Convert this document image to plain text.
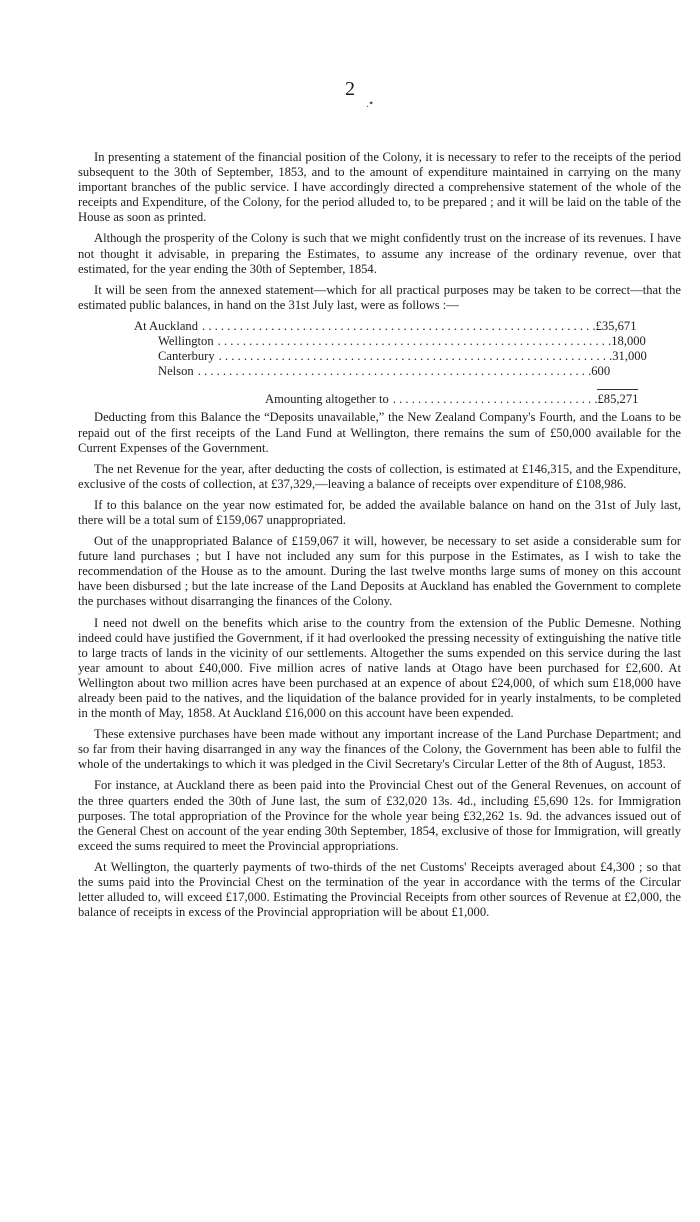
2
.•

In presenting a statement of the financial position of the Colony, it is necessary to refer to the receipts of the period subsequent to the 30th of September, 1853, and to the amount of expenditure maintained in carrying on the many important branches of the public service. I have accordingly directed a comprehensive statement of the whole of the receipts and Expenditure, of the Colony, for the period alluded to, to be prepared ; and it will be laid on the table of the House as soon as printed.

Although the prosperity of the Colony is such that we might confidently trust on the increase of its revenues. I have not thought it advisable, in preparing the Estimates, to assume any increase of the ordinary revenue, over that estimated, for the year ending the 30th of September, 1854.

It will be seen from the annexed statement—which for all practical purposes may be taken to be correct—that the estimated public balances, in hand on the 31st July last, were as follows :—

At Auckland . . . . . . . . . . . . . . . . . . . . . . . . . . . . . . . . . . . . . . . . . . . . . . . . . . . . . . . . . . . . . . . £35,671
Wellington . . . . . . . . . . . . . . . . . . . . . . . . . . . . . . . . . . . . . . . . . . . . . . . . . . . . . . . . . . . . . . . 18,000
Canterbury . . . . . . . . . . . . . . . . . . . . . . . . . . . . . . . . . . . . . . . . . . . . . . . . . . . . . . . . . . . . . . . 31,000
Nelson . . . . . . . . . . . . . . . . . . . . . . . . . . . . . . . . . . . . . . . . . . . . . . . . . . . . . . . . . . . . . . . 600
Amounting altogether to . . . . . . . . . . . . . . . . . . . . . . . . . . . . . . . . . £85,271

Deducting from this Balance the “Deposits unavailable,” the New Zealand Company's Fourth, and the Loans to be repaid out of the first receipts of the Land Fund at Wellington, there remains the sum of £50,000 available for the Current Expenses of the Government.

The net Revenue for the year, after deducting the costs of collection, is estimated at £146,315, and the Expenditure, exclusive of the costs of collection, at £37,329,—leaving a balance of receipts over expenditure of £108,986.

If to this balance on the year now estimated for, be added the available balance on hand on the 31st of July last, there will be a total sum of £159,067 unappropriated.

Out of the unappropriated Balance of £159,067 it will, however, be necessary to set aside a considerable sum for future land purchases ; but I have not included any sum for this purpose in the Estimates, as I wish to take the recommendation of the House as to the amount. During the last twelve months large sums of money on this account have been disbursed ; but the late increase of the Land Deposits at Auckland has enabled the Government to complete the purchases without disarranging the finances of the Colony.

I need not dwell on the benefits which arise to the country from the extension of the Public Demesne. Nothing indeed could have justified the Government, if it had overlooked the pressing necessity of extinguishing the native title to large tracts of lands in the vicinity of our settlements. Altogether the sums expended on this service during the last year amount to about £40,000. Five million acres of native lands at Otago have been purchased for £2,600. At Wellington about two million acres have been purchased at an expence of about £24,000, of which sum £18,000 have already been paid to the natives, and the liquidation of the balance provided for in yearly instalments, to be completed in the month of May, 1858. At Auckland £16,000 on this account have been expended.

These extensive purchases have been made without any important increase of the Land Purchase Department; and so far from their having disarranged in any way the finances of the Colony, the Government has been able to fulfil the whole of the undertakings to which it was pledged in the Civil Secretary's Circular Letter of the 8th of August, 1853.

For instance, at Auckland there as been paid into the Provincial Chest out of the General Revenues, on account of the three quarters ended the 30th of June last, the sum of £32,020 13s. 4d., including £5,690 12s. for Immigration purposes. The total appropriation of the Province for the whole year being £32,262 1s. 9d. the advances issued out of the General Chest on account of the year ending 30th September, 1854, exclusive of those for Immigration, will greatly exceed the sums required to meet the Provincial appropriations.

At Wellington, the quarterly payments of two-thirds of the net Customs' Receipts averaged about £4,300 ; so that the sums paid into the Provincial Chest on the termination of the year in accordance with the terms of the Circular letter alluded to, will exceed £17,000. Estimating the Provincial Receipts from other sources of Revenue at £2,000, the balance of receipts in excess of the Provincial appropriation will be about £1,000.
